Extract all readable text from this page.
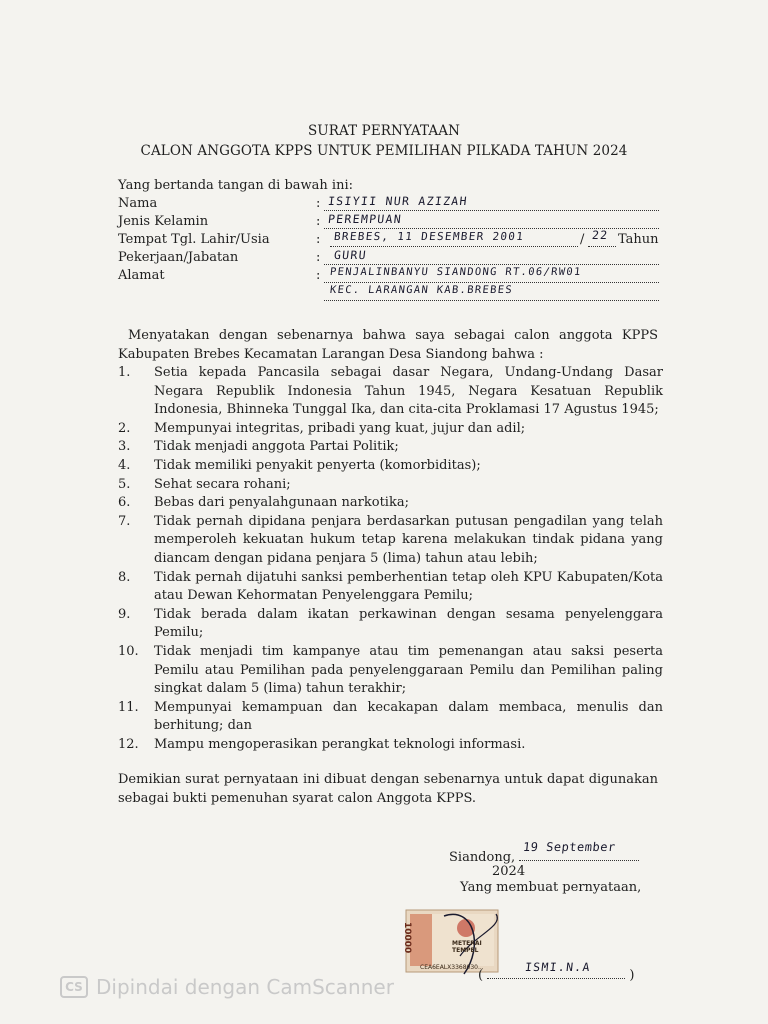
SURAT PERNYATAAN
CALON ANGGOTA KPPS UNTUK PEMILIHAN PILKADA TAHUN 2024
Yang bertanda tangan di bawah ini:
Nama	: ISIYII NUR AZIZAH
Jenis Kelamin	: PEREMPUAN
Tempat Tgl. Lahir/Usia	: BREBES, 11 DESEMBER 2001	/ 22 Tahun
Pekerjaan/Jabatan	: GURU
Alamat	: PENJALINBANYU SIANDONG RT.06/RW01
KEC. LARANGAN KAB.BREBES
Menyatakan dengan sebenarnya bahwa saya sebagai calon anggota KPPS Kabupaten Brebes Kecamatan Larangan Desa Siandong bahwa :
1. Setia kepada Pancasila sebagai dasar Negara, Undang-Undang Dasar Negara Republik Indonesia Tahun 1945, Negara Kesatuan Republik Indonesia, Bhinneka Tunggal Ika, dan cita-cita Proklamasi 17 Agustus 1945;
2. Mempunyai integritas, pribadi yang kuat, jujur dan adil;
3. Tidak menjadi anggota Partai Politik;
4. Tidak memiliki penyakit penyerta (komorbiditas);
5. Sehat secara rohani;
6. Bebas dari penyalahgunaan narkotika;
7. Tidak pernah dipidana penjara berdasarkan putusan pengadilan yang telah memperoleh kekuatan hukum tetap karena melakukan tindak pidana yang diancam dengan pidana penjara 5 (lima) tahun atau lebih;
8. Tidak pernah dijatuhi sanksi pemberhentian tetap oleh KPU Kabupaten/Kota atau Dewan Kehormatan Penyelenggara Pemilu;
9. Tidak berada dalam ikatan perkawinan dengan sesama penyelenggara Pemilu;
10. Tidak menjadi tim kampanye atau tim pemenangan atau saksi peserta Pemilu atau Pemilihan pada penyelenggaraan Pemilu dan Pemilihan paling singkat dalam 5 (lima) tahun terakhir;
11. Mempunyai kemampuan dan kecakapan dalam membaca, menulis dan berhitung; dan
12. Mampu mengoperasikan perangkat teknologi informasi.
Demikian surat pernyataan ini dibuat dengan sebenarnya untuk dapat digunakan sebagai bukti pemenuhan syarat calon Anggota KPPS.
Siandong,
19 September
2024
Yang membuat pernyataan,
10000	METERAI TEMPEL
CEA6EALX3368030...
(
ISMI.N.A
)
CS Dipindai dengan CamScanner
